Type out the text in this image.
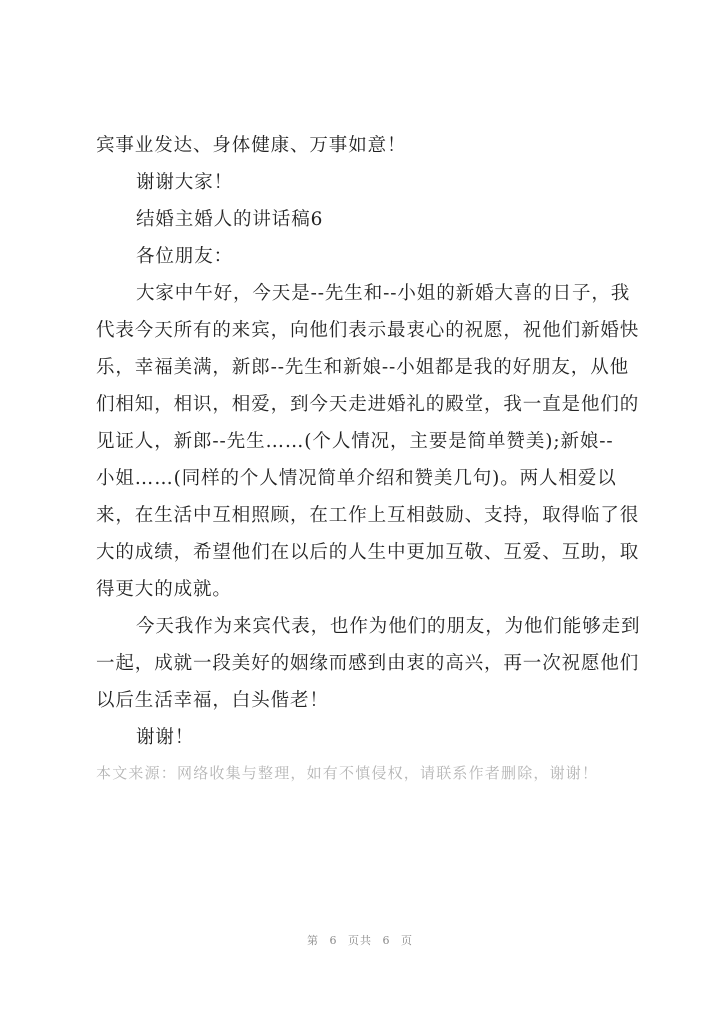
宾事业发达、身体健康、万事如意！

谢谢大家！

结婚主婚人的讲话稿6

各位朋友：

大家中午好，今天是--先生和--小姐的新婚大喜的日子，我

代表今天所有的来宾，向他们表示最衷心的祝愿，祝他们新婚快

乐，幸福美满，新郎--先生和新娘--小姐都是我的好朋友，从他

们相知，相识，相爱，到今天走进婚礼的殿堂，我一直是他们的

见证人，新郎--先生……(个人情况，主要是简单赞美);新娘--

小姐……(同样的个人情况简单介绍和赞美几句)。两人相爱以

来，在生活中互相照顾，在工作上互相鼓励、支持，取得临了很

大的成绩，希望他们在以后的人生中更加互敬、互爱、互助，取

得更大的成就。

今天我作为来宾代表，也作为他们的朋友，为他们能够走到

一起，成就一段美好的姻缘而感到由衷的高兴，再一次祝愿他们

以后生活幸福，白头偕老！

谢谢！

本文来源：网络收集与整理，如有不慎侵权，请联系作者删除，谢谢！

第 6 页共 6 页
